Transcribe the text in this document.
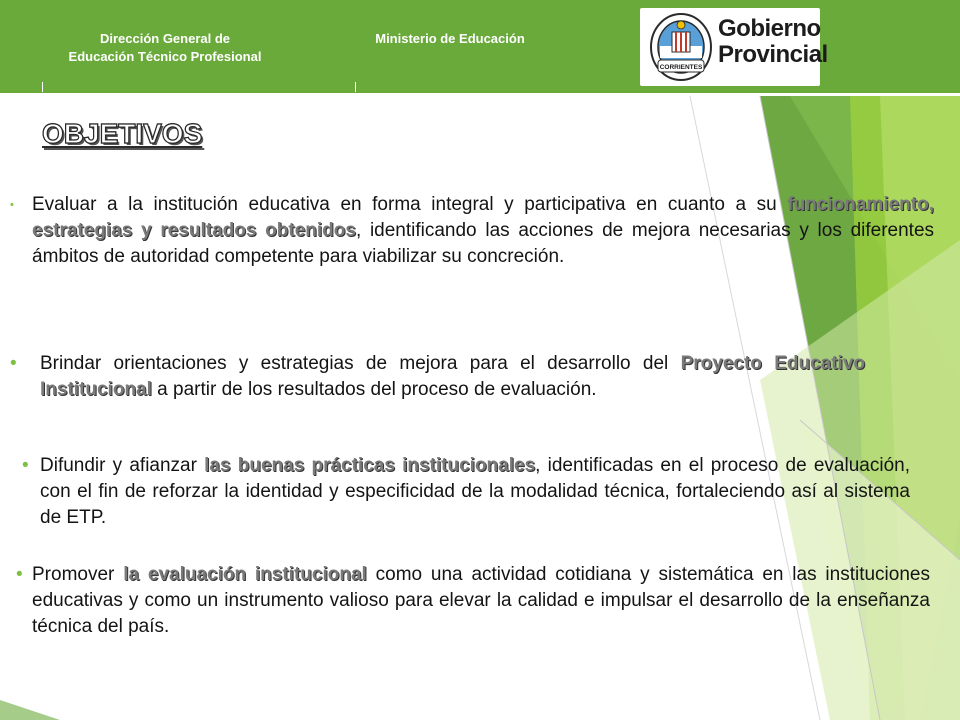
Dirección General de
Educación Técnico Profesional
Ministerio de Educación
CORRIENTES
Gobierno
Provincial
OBJETIVOS
• Evaluar a la institución educativa en forma integral y participativa en cuanto a su funcionamiento, estrategias y resultados obtenidos, identificando las acciones de mejora necesarias y los diferentes ámbitos de autoridad competente para viabilizar su concreción.
• Brindar orientaciones y estrategias de mejora para el desarrollo del Proyecto Educativo Institucional a partir de los resultados del proceso de evaluación.
• Difundir y afianzar las buenas prácticas institucionales, identificadas en el proceso de evaluación, con el fin de reforzar la identidad y especificidad de la modalidad técnica, fortaleciendo así al sistema de ETP.
• Promover la evaluación institucional como una actividad cotidiana y sistemática en las instituciones educativas y como un instrumento valioso para elevar la calidad e impulsar el desarrollo de la enseñanza técnica del país.
